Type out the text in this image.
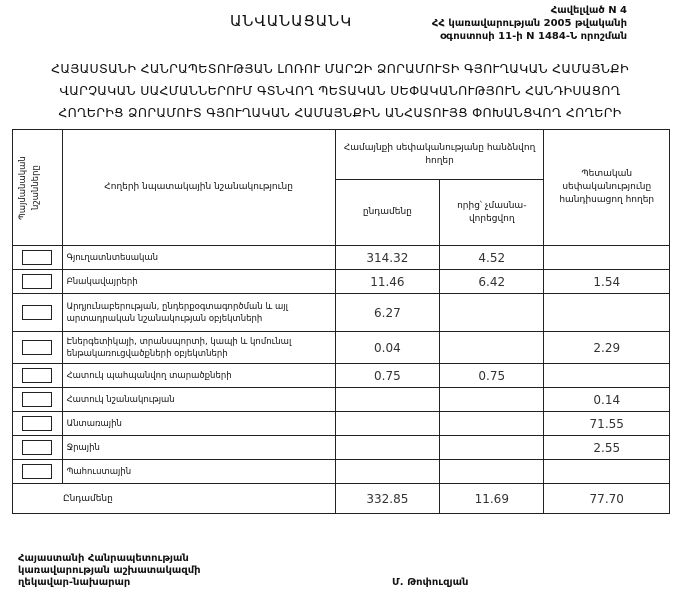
ԱՆՎԱՆԱՑԱՆԿ
Հավելված N 4
ՀՀ կառավարության 2005 թվականի
օգոստոսի 11-ի N 1484-Ն որոշման
ՀԱՅԱՍՏԱՆԻ ՀԱՆՐԱՊԵՏՈՒԹՅԱՆ ԼՈՌՈՒ ՄԱՐԶԻ ՁՈՐԱՄՈՒՏԻ ԳՅՈՒՂԱԿԱՆ ՀԱՄԱՅՆՔԻ
ՎԱՐՉԱԿԱՆ ՍԱՀՄԱՆՆԵՐՈՒՄ ԳՏՆՎՈՂ ՊԵՏԱԿԱՆ ՍԵՓԱԿԱՆՈՒԹՅՈՒՆ ՀԱՆԴԻՍԱՑՈՂ
ՀՈՂԵՐԻՑ ՁՈՐԱՄՈՒՏ ԳՅՈՒՂԱԿԱՆ ՀԱՄԱՅՆՔԻՆ ԱՆՀԱՏՈՒՅՑ ՓՈԽԱՆՑՎՈՂ ՀՈՂԵՐԻ
Պայմանական
նշանները	Հողերի նպատակային նշանակությունը	Համայնքի սեփականությանը հանձնվող հողեր		Պետական սեփականությունը հանդիսացող հողեր
		ընդամենը	որից՝ չմասնա-վորեցվող	

	Գյուղատնտեսական	314.32	4.52	

	Բնակավայրերի	11.46	6.42	1.54

	Արդյունաբերության, ընդերքօգտագործման և այլ արտադրական նշանակության օբյեկտների	6.27		

	Էներգետիկայի, տրանսպորտի, կապի և կոմունալ ենթակառուցվածքների օբյեկտների	0.04		2.29

	Հատուկ պահպանվող տարածքների	0.75	0.75	

	Հատուկ նշանակության			0.14

	Անտառային			71.55

	Ջրային			2.55

	Պահուստային			
Ընդամենը		332.85	11.69	77.70
Հայաստանի Հանրապետության
կառավարության աշխատակազմի
ղեկավար-նախարար	Մ. Թոփուզյան
